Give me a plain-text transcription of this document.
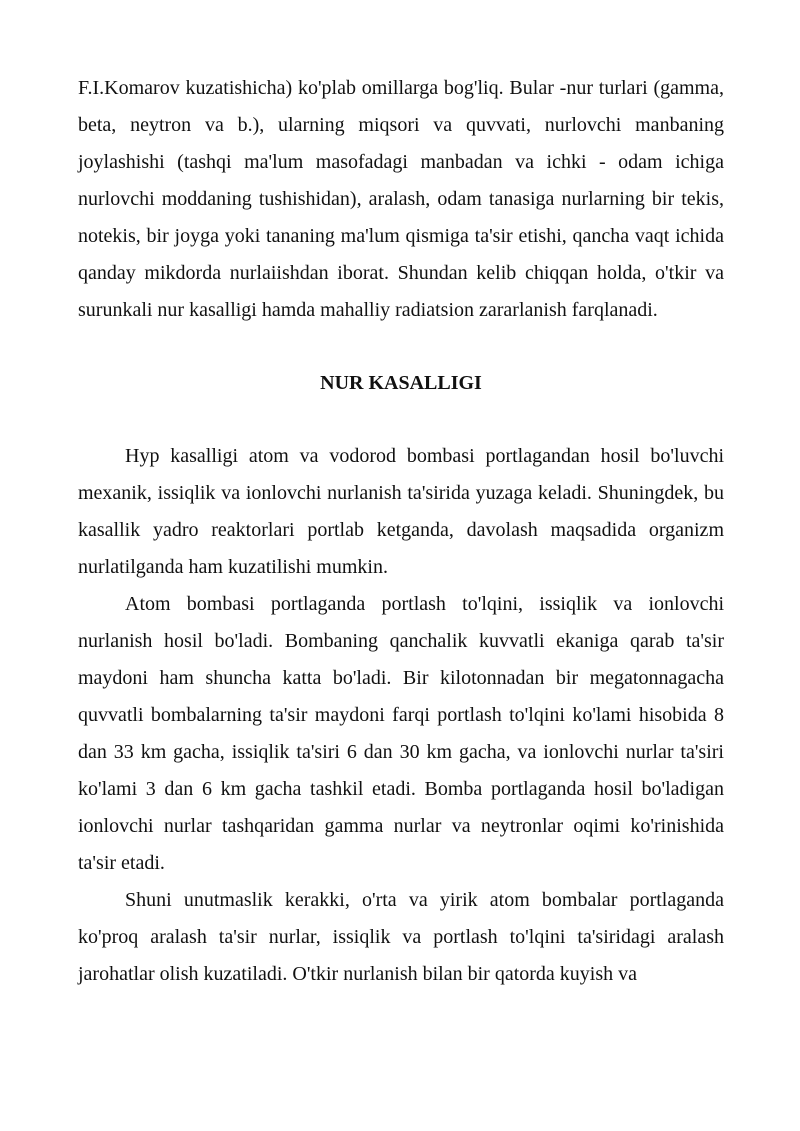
F.I.Komarov kuzatishicha) ko'plab omillarga bog'liq. Bular -nur turlari (gamma, beta, neytron va b.), ularning miqsori va quvvati, nurlovchi manbaning joylashishi (tashqi ma'lum masofadagi manbadan va ichki - odam ichiga nurlovchi moddaning tushishidan), aralash, odam tanasiga nurlarning bir tekis, notekis, bir joyga yoki tananing ma'lum qismiga ta'sir etishi, qancha vaqt ichida qanday mikdorda nurlaiishdan iborat. Shundan kelib chiqqan holda, o'tkir va surunkali nur kasalligi hamda mahalliy radiatsion zararlanish farqlanadi.

NUR KASALLIGI

Hyp kasalligi atom va vodorod bombasi portlagandan hosil bo'luvchi mexanik, issiqlik va ionlovchi nurlanish ta'sirida yuzaga keladi. Shuningdek, bu kasallik yadro reaktorlari portlab ketganda, davolash maqsadida organizm nurlatilganda ham kuzatilishi mumkin.

Atom bombasi portlaganda portlash to'lqini, issiqlik va ionlovchi nurlanish hosil bo'ladi. Bombaning qanchalik kuvvatli ekaniga qarab ta'sir maydoni ham shuncha katta bo'ladi. Bir kilotonnadan bir megatonnagacha quvvatli bombalarning ta'sir maydoni farqi portlash to'lqini ko'lami hisobida 8 dan 33 km gacha, issiqlik ta'siri 6 dan 30 km gacha, va ionlovchi nurlar ta'siri ko'lami 3 dan 6 km gacha tashkil etadi. Bomba portlaganda hosil bo'ladigan ionlovchi nurlar tashqaridan gamma nurlar va neytronlar oqimi ko'rinishida ta'sir etadi.

Shuni unutmaslik kerakki, o'rta va yirik atom bombalar portlaganda ko'proq aralash ta'sir nurlar, issiqlik va portlash to'lqini ta'siridagi aralash jarohatlar olish kuzatiladi. O'tkir nurlanish bilan bir qatorda kuyish va
